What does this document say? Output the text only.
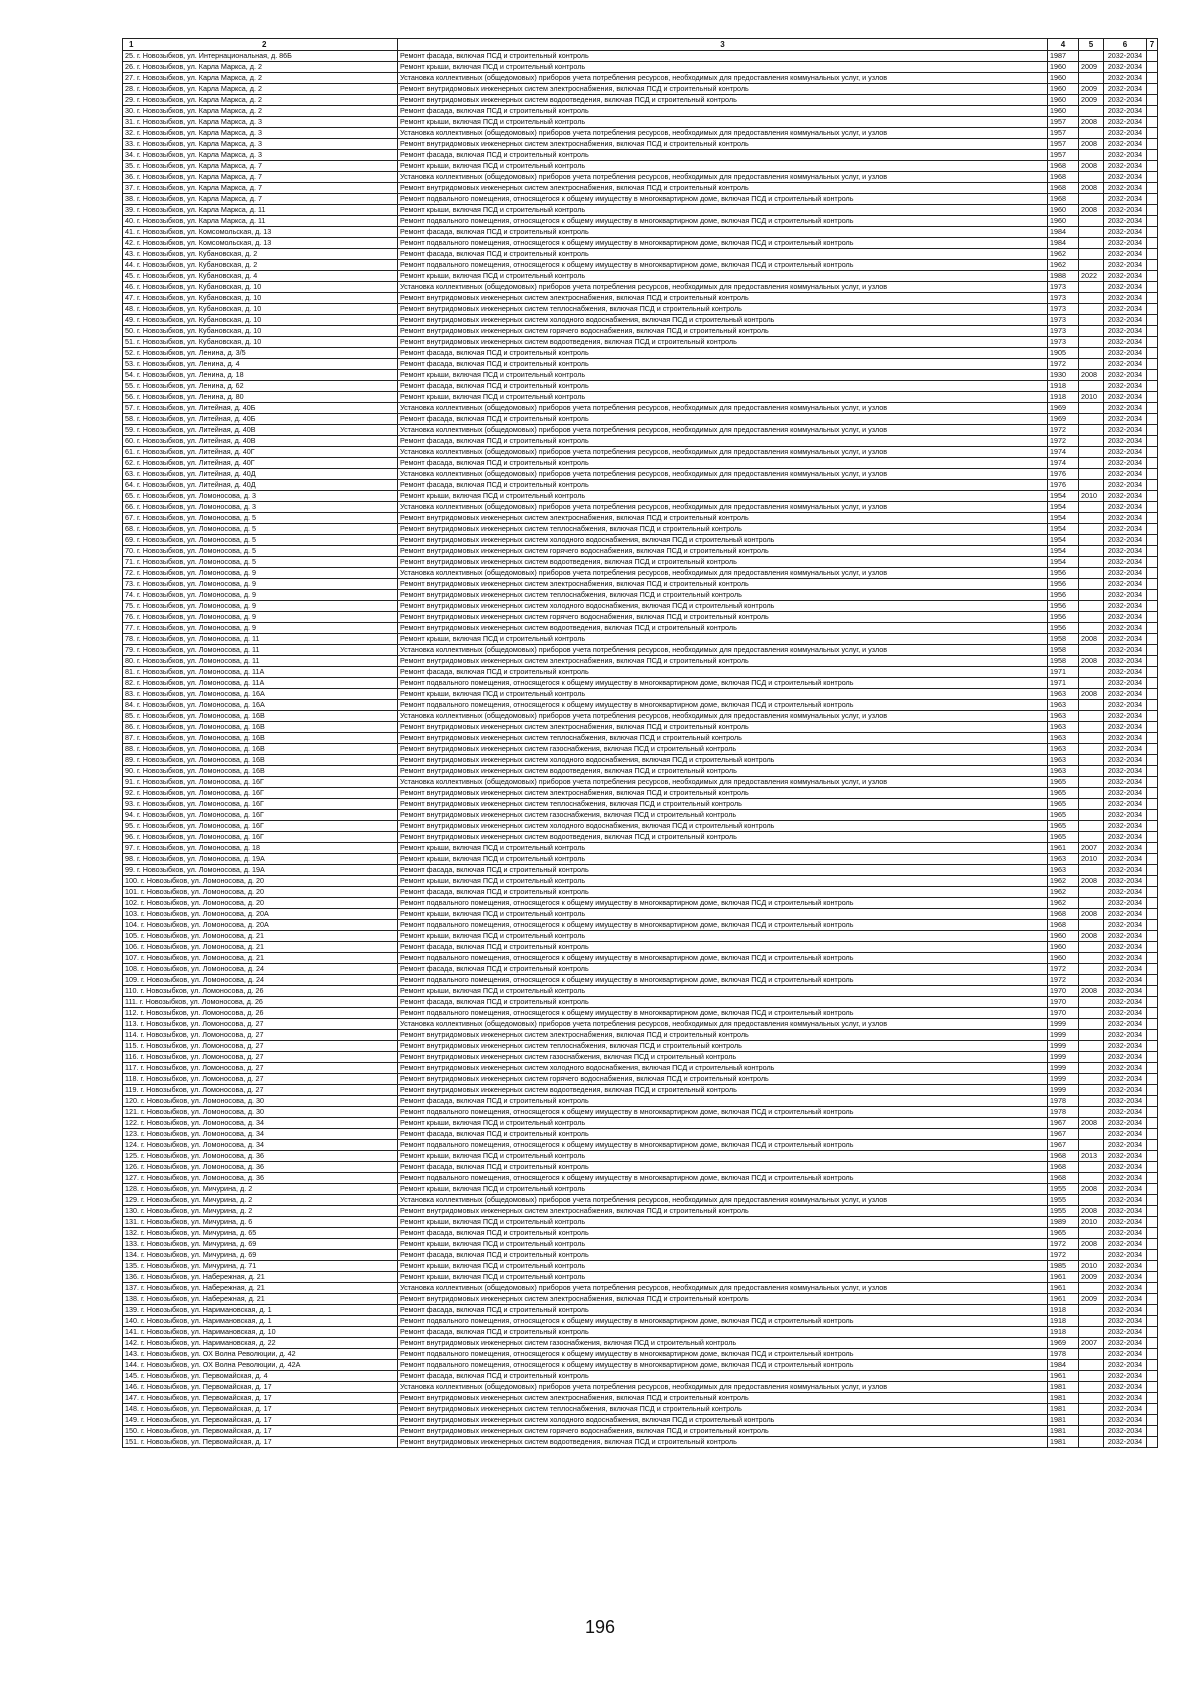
1 2	3	4	5	6	7
25. г. Новозыбков, ул. Интернациональная, д. 86Б	Ремонт фасада, включая ПСД и строительный контроль	1987		2032-2034	
26. г. Новозыбков, ул. Карла Маркса, д. 2	Ремонт крыши, включая ПСД и строительный контроль	1960	2009	2032-2034	
27. г. Новозыбков, ул. Карла Маркса, д. 2	Установка коллективных (общедомовых) приборов учета потребления ресурсов, необходимых для предоставления коммунальных услуг, и узлов	1960		2032-2034	
28. г. Новозыбков, ул. Карла Маркса, д. 2	Ремонт внутридомовых инженерных систем электроснабжения, включая ПСД и строительный контроль	1960	2009	2032-2034	
29. г. Новозыбков, ул. Карла Маркса, д. 2	Ремонт внутридомовых инженерных систем водоотведения, включая ПСД и строительный контроль	1960	2009	2032-2034	
30. г. Новозыбков, ул. Карла Маркса, д. 2	Ремонт фасада, включая ПСД и строительный контроль	1960		2032-2034	
31. г. Новозыбков, ул. Карла Маркса, д. 3	Ремонт крыши, включая ПСД и строительный контроль	1957	2008	2032-2034	
32. г. Новозыбков, ул. Карла Маркса, д. 3	Установка коллективных (общедомовых) приборов учета потребления ресурсов, необходимых для предоставления коммунальных услуг, и узлов	1957		2032-2034	
33. г. Новозыбков, ул. Карла Маркса, д. 3	Ремонт внутридомовых инженерных систем электроснабжения, включая ПСД и строительный контроль	1957	2008	2032-2034	
34. г. Новозыбков, ул. Карла Маркса, д. 3	Ремонт фасада, включая ПСД и строительный контроль	1957		2032-2034	
35. г. Новозыбков, ул. Карла Маркса, д. 7	Ремонт крыши, включая ПСД и строительный контроль	1968	2008	2032-2034	
36. г. Новозыбков, ул. Карла Маркса, д. 7	Установка коллективных (общедомовых) приборов учета потребления ресурсов, необходимых для предоставления коммунальных услуг, и узлов	1968		2032-2034	
37. г. Новозыбков, ул. Карла Маркса, д. 7	Ремонт внутридомовых инженерных систем электроснабжения, включая ПСД и строительный контроль	1968	2008	2032-2034	
38. г. Новозыбков, ул. Карла Маркса, д. 7	Ремонт подвального помещения, относящегося к общему имуществу в многоквартирном доме, включая ПСД и строительный контроль	1968		2032-2034	
39. г. Новозыбков, ул. Карла Маркса, д. 11	Ремонт крыши, включая ПСД и строительный контроль	1960	2008	2032-2034	
40. г. Новозыбков, ул. Карла Маркса, д. 11	Ремонт подвального помещения, относящегося к общему имуществу в многоквартирном доме, включая ПСД и строительный контроль	1960		2032-2034	
41. г. Новозыбков, ул. Комсомольская, д. 13	Ремонт фасада, включая ПСД и строительный контроль	1984		2032-2034	
42. г. Новозыбков, ул. Комсомольская, д. 13	Ремонт подвального помещения, относящегося к общему имуществу в многоквартирном доме, включая ПСД и строительный контроль	1984		2032-2034	
43. г. Новозыбков, ул. Кубановская, д. 2	Ремонт фасада, включая ПСД и строительный контроль	1962		2032-2034	
44. г. Новозыбков, ул. Кубановская, д. 2	Ремонт подвального помещения, относящегося к общему имуществу в многоквартирном доме, включая ПСД и строительный контроль	1962		2032-2034	
45. г. Новозыбков, ул. Кубановская, д. 4	Ремонт крыши, включая ПСД и строительный контроль	1988	2022	2032-2034	
46. г. Новозыбков, ул. Кубановская, д. 10	Установка коллективных (общедомовых) приборов учета потребления ресурсов, необходимых для предоставления коммунальных услуг, и узлов	1973		2032-2034	
47. г. Новозыбков, ул. Кубановская, д. 10	Ремонт внутридомовых инженерных систем электроснабжения, включая ПСД и строительный контроль	1973		2032-2034	
48. г. Новозыбков, ул. Кубановская, д. 10	Ремонт внутридомовых инженерных систем теплоснабжения, включая ПСД и строительный контроль	1973		2032-2034	
49. г. Новозыбков, ул. Кубановская, д. 10	Ремонт внутридомовых инженерных систем холодного водоснабжения, включая ПСД и строительный контроль	1973		2032-2034	
50. г. Новозыбков, ул. Кубановская, д. 10	Ремонт внутридомовых инженерных систем горячего водоснабжения, включая ПСД и строительный контроль	1973		2032-2034	
51. г. Новозыбков, ул. Кубановская, д. 10	Ремонт внутридомовых инженерных систем водоотведения, включая ПСД и строительный контроль	1973		2032-2034	
52. г. Новозыбков, ул. Ленина, д. 3/5	Ремонт фасада, включая ПСД и строительный контроль	1905		2032-2034	
53. г. Новозыбков, ул. Ленина, д. 4	Ремонт фасада, включая ПСД и строительный контроль	1972		2032-2034	
54. г. Новозыбков, ул. Ленина, д. 18	Ремонт крыши, включая ПСД и строительный контроль	1930	2008	2032-2034	
55. г. Новозыбков, ул. Ленина, д. 62	Ремонт фасада, включая ПСД и строительный контроль	1918		2032-2034	
56. г. Новозыбков, ул. Ленина, д. 80	Ремонт крыши, включая ПСД и строительный контроль	1918	2010	2032-2034	
57. г. Новозыбков, ул. Литейная, д. 40Б	Установка коллективных (общедомовых) приборов учета потребления ресурсов, необходимых для предоставления коммунальных услуг, и узлов	1969		2032-2034	
58. г. Новозыбков, ул. Литейная, д. 40Б	Ремонт фасада, включая ПСД и строительный контроль	1969		2032-2034	
59. г. Новозыбков, ул. Литейная, д. 40В	Установка коллективных (общедомовых) приборов учета потребления ресурсов, необходимых для предоставления коммунальных услуг, и узлов	1972		2032-2034	
60. г. Новозыбков, ул. Литейная, д. 40В	Ремонт фасада, включая ПСД и строительный контроль	1972		2032-2034	
61. г. Новозыбков, ул. Литейная, д. 40Г	Установка коллективных (общедомовых) приборов учета потребления ресурсов, необходимых для предоставления коммунальных услуг, и узлов	1974		2032-2034	
62. г. Новозыбков, ул. Литейная, д. 40Г	Ремонт фасада, включая ПСД и строительный контроль	1974		2032-2034	
63. г. Новозыбков, ул. Литейная, д. 40Д	Установка коллективных (общедомовых) приборов учета потребления ресурсов, необходимых для предоставления коммунальных услуг, и узлов	1976		2032-2034	
64. г. Новозыбков, ул. Литейная, д. 40Д	Ремонт фасада, включая ПСД и строительный контроль	1976		2032-2034	
65. г. Новозыбков, ул. Ломоносова, д. 3	Ремонт крыши, включая ПСД и строительный контроль	1954	2010	2032-2034	
66. г. Новозыбков, ул. Ломоносова, д. 3	Установка коллективных (общедомовых) приборов учета потребления ресурсов, необходимых для предоставления коммунальных услуг, и узлов	1954		2032-2034	
67. г. Новозыбков, ул. Ломоносова, д. 5	Ремонт внутридомовых инженерных систем электроснабжения, включая ПСД и строительный контроль	1954		2032-2034	
68. г. Новозыбков, ул. Ломоносова, д. 5	Ремонт внутридомовых инженерных систем теплоснабжения, включая ПСД и строительный контроль	1954		2032-2034	
69. г. Новозыбков, ул. Ломоносова, д. 5	Ремонт внутридомовых инженерных систем холодного водоснабжения, включая ПСД и строительный контроль	1954		2032-2034	
70. г. Новозыбков, ул. Ломоносова, д. 5	Ремонт внутридомовых инженерных систем горячего водоснабжения, включая ПСД и строительный контроль	1954		2032-2034	
71. г. Новозыбков, ул. Ломоносова, д. 5	Ремонт внутридомовых инженерных систем водоотведения, включая ПСД и строительный контроль	1954		2032-2034	
72. г. Новозыбков, ул. Ломоносова, д. 9	Установка коллективных (общедомовых) приборов учета потребления ресурсов, необходимых для предоставления коммунальных услуг, и узлов	1956		2032-2034	
73. г. Новозыбков, ул. Ломоносова, д. 9	Ремонт внутридомовых инженерных систем электроснабжения, включая ПСД и строительный контроль	1956		2032-2034	
74. г. Новозыбков, ул. Ломоносова, д. 9	Ремонт внутридомовых инженерных систем теплоснабжения, включая ПСД и строительный контроль	1956		2032-2034	
75. г. Новозыбков, ул. Ломоносова, д. 9	Ремонт внутридомовых инженерных систем холодного водоснабжения, включая ПСД и строительный контроль	1956		2032-2034	
76. г. Новозыбков, ул. Ломоносова, д. 9	Ремонт внутридомовых инженерных систем горячего водоснабжения, включая ПСД и строительный контроль	1956		2032-2034	
77. г. Новозыбков, ул. Ломоносова, д. 9	Ремонт внутридомовых инженерных систем водоотведения, включая ПСД и строительный контроль	1956		2032-2034	
78. г. Новозыбков, ул. Ломоносова, д. 11	Ремонт крыши, включая ПСД и строительный контроль	1958	2008	2032-2034	
79. г. Новозыбков, ул. Ломоносова, д. 11	Установка коллективных (общедомовых) приборов учета потребления ресурсов, необходимых для предоставления коммунальных услуг, и узлов	1958		2032-2034	
80. г. Новозыбков, ул. Ломоносова, д. 11	Ремонт внутридомовых инженерных систем электроснабжения, включая ПСД и строительный контроль	1958	2008	2032-2034	
81. г. Новозыбков, ул. Ломоносова, д. 11А	Ремонт фасада, включая ПСД и строительный контроль	1971		2032-2034	
82. г. Новозыбков, ул. Ломоносова, д. 11А	Ремонт подвального помещения, относящегося к общему имуществу в многоквартирном доме, включая ПСД и строительный контроль	1971		2032-2034	
83. г. Новозыбков, ул. Ломоносова, д. 16А	Ремонт крыши, включая ПСД и строительный контроль	1963	2008	2032-2034	
84. г. Новозыбков, ул. Ломоносова, д. 16А	Ремонт подвального помещения, относящегося к общему имуществу в многоквартирном доме, включая ПСД и строительный контроль	1963		2032-2034	
85. г. Новозыбков, ул. Ломоносова, д. 16В	Установка коллективных (общедомовых) приборов учета потребления ресурсов, необходимых для предоставления коммунальных услуг, и узлов	1963		2032-2034	
86. г. Новозыбков, ул. Ломоносова, д. 16В	Ремонт внутридомовых инженерных систем электроснабжения, включая ПСД и строительный контроль	1963		2032-2034	
87. г. Новозыбков, ул. Ломоносова, д. 16В	Ремонт внутридомовых инженерных систем теплоснабжения, включая ПСД и строительный контроль	1963		2032-2034	
88. г. Новозыбков, ул. Ломоносова, д. 16В	Ремонт внутридомовых инженерных систем газоснабжения, включая ПСД и строительный контроль	1963		2032-2034	
89. г. Новозыбков, ул. Ломоносова, д. 16В	Ремонт внутридомовых инженерных систем холодного водоснабжения, включая ПСД и строительный контроль	1963		2032-2034	
90. г. Новозыбков, ул. Ломоносова, д. 16В	Ремонт внутридомовых инженерных систем водоотведения, включая ПСД и строительный контроль	1963		2032-2034	
91. г. Новозыбков, ул. Ломоносова, д. 16Г	Установка коллективных (общедомовых) приборов учета потребления ресурсов, необходимых для предоставления коммунальных услуг, и узлов	1965		2032-2034	
92. г. Новозыбков, ул. Ломоносова, д. 16Г	Ремонт внутридомовых инженерных систем электроснабжения, включая ПСД и строительный контроль	1965		2032-2034	
93. г. Новозыбков, ул. Ломоносова, д. 16Г	Ремонт внутридомовых инженерных систем теплоснабжения, включая ПСД и строительный контроль	1965		2032-2034	
94. г. Новозыбков, ул. Ломоносова, д. 16Г	Ремонт внутридомовых инженерных систем газоснабжения, включая ПСД и строительный контроль	1965		2032-2034	
95. г. Новозыбков, ул. Ломоносова, д. 16Г	Ремонт внутридомовых инженерных систем холодного водоснабжения, включая ПСД и строительный контроль	1965		2032-2034	
96. г. Новозыбков, ул. Ломоносова, д. 16Г	Ремонт внутридомовых инженерных систем водоотведения, включая ПСД и строительный контроль	1965		2032-2034	
97. г. Новозыбков, ул. Ломоносова, д. 18	Ремонт крыши, включая ПСД и строительный контроль	1961	2007	2032-2034	
98. г. Новозыбков, ул. Ломоносова, д. 19А	Ремонт крыши, включая ПСД и строительный контроль	1963	2010	2032-2034	
99. г. Новозыбков, ул. Ломоносова, д. 19А	Ремонт фасада, включая ПСД и строительный контроль	1963		2032-2034	
100. г. Новозыбков, ул. Ломоносова, д. 20	Ремонт крыши, включая ПСД и строительный контроль	1962	2008	2032-2034	
101. г. Новозыбков, ул. Ломоносова, д. 20	Ремонт фасада, включая ПСД и строительный контроль	1962		2032-2034	
102. г. Новозыбков, ул. Ломоносова, д. 20	Ремонт подвального помещения, относящегося к общему имуществу в многоквартирном доме, включая ПСД и строительный контроль	1962		2032-2034	
103. г. Новозыбков, ул. Ломоносова, д. 20А	Ремонт крыши, включая ПСД и строительный контроль	1968	2008	2032-2034	
104. г. Новозыбков, ул. Ломоносова, д. 20А	Ремонт подвального помещения, относящегося к общему имуществу в многоквартирном доме, включая ПСД и строительный контроль	1968		2032-2034	
105. г. Новозыбков, ул. Ломоносова, д. 21	Ремонт крыши, включая ПСД и строительный контроль	1960	2008	2032-2034	
106. г. Новозыбков, ул. Ломоносова, д. 21	Ремонт фасада, включая ПСД и строительный контроль	1960		2032-2034	
107. г. Новозыбков, ул. Ломоносова, д. 21	Ремонт подвального помещения, относящегося к общему имуществу в многоквартирном доме, включая ПСД и строительный контроль	1960		2032-2034	
108. г. Новозыбков, ул. Ломоносова, д. 24	Ремонт фасада, включая ПСД и строительный контроль	1972		2032-2034	
109. г. Новозыбков, ул. Ломоносова, д. 24	Ремонт подвального помещения, относящегося к общему имуществу в многоквартирном доме, включая ПСД и строительный контроль	1972		2032-2034	
110. г. Новозыбков, ул. Ломоносова, д. 26	Ремонт крыши, включая ПСД и строительный контроль	1970	2008	2032-2034	
111. г. Новозыбков, ул. Ломоносова, д. 26	Ремонт фасада, включая ПСД и строительный контроль	1970		2032-2034	
112. г. Новозыбков, ул. Ломоносова, д. 26	Ремонт подвального помещения, относящегося к общему имуществу в многоквартирном доме, включая ПСД и строительный контроль	1970		2032-2034	
113. г. Новозыбков, ул. Ломоносова, д. 27	Установка коллективных (общедомовых) приборов учета потребления ресурсов, необходимых для предоставления коммунальных услуг, и узлов	1999		2032-2034	
114. г. Новозыбков, ул. Ломоносова, д. 27	Ремонт внутридомовых инженерных систем электроснабжения, включая ПСД и строительный контроль	1999		2032-2034	
115. г. Новозыбков, ул. Ломоносова, д. 27	Ремонт внутридомовых инженерных систем теплоснабжения, включая ПСД и строительный контроль	1999		2032-2034	
116. г. Новозыбков, ул. Ломоносова, д. 27	Ремонт внутридомовых инженерных систем газоснабжения, включая ПСД и строительный контроль	1999		2032-2034	
117. г. Новозыбков, ул. Ломоносова, д. 27	Ремонт внутридомовых инженерных систем холодного водоснабжения, включая ПСД и строительный контроль	1999		2032-2034	
118. г. Новозыбков, ул. Ломоносова, д. 27	Ремонт внутридомовых инженерных систем горячего водоснабжения, включая ПСД и строительный контроль	1999		2032-2034	
119. г. Новозыбков, ул. Ломоносова, д. 27	Ремонт внутридомовых инженерных систем водоотведения, включая ПСД и строительный контроль	1999		2032-2034	
120. г. Новозыбков, ул. Ломоносова, д. 30	Ремонт фасада, включая ПСД и строительный контроль	1978		2032-2034	
121. г. Новозыбков, ул. Ломоносова, д. 30	Ремонт подвального помещения, относящегося к общему имуществу в многоквартирном доме, включая ПСД и строительный контроль	1978		2032-2034	
122. г. Новозыбков, ул. Ломоносова, д. 34	Ремонт крыши, включая ПСД и строительный контроль	1967	2008	2032-2034	
123. г. Новозыбков, ул. Ломоносова, д. 34	Ремонт фасада, включая ПСД и строительный контроль	1967		2032-2034	
124. г. Новозыбков, ул. Ломоносова, д. 34	Ремонт подвального помещения, относящегося к общему имуществу в многоквартирном доме, включая ПСД и строительный контроль	1967		2032-2034	
125. г. Новозыбков, ул. Ломоносова, д. 36	Ремонт крыши, включая ПСД и строительный контроль	1968	2013	2032-2034	
126. г. Новозыбков, ул. Ломоносова, д. 36	Ремонт фасада, включая ПСД и строительный контроль	1968		2032-2034	
127. г. Новозыбков, ул. Ломоносова, д. 36	Ремонт подвального помещения, относящегося к общему имуществу в многоквартирном доме, включая ПСД и строительный контроль	1968		2032-2034	
128. г. Новозыбков, ул. Мичурина, д. 2	Ремонт крыши, включая ПСД и строительный контроль	1955	2008	2032-2034	
129. г. Новозыбков, ул. Мичурина, д. 2	Установка коллективных (общедомовых) приборов учета потребления ресурсов, необходимых для предоставления коммунальных услуг, и узлов	1955		2032-2034	
130. г. Новозыбков, ул. Мичурина, д. 2	Ремонт внутридомовых инженерных систем электроснабжения, включая ПСД и строительный контроль	1955	2008	2032-2034	
131. г. Новозыбков, ул. Мичурина, д. 6	Ремонт крыши, включая ПСД и строительный контроль	1989	2010	2032-2034	
132. г. Новозыбков, ул. Мичурина, д. 65	Ремонт фасада, включая ПСД и строительный контроль	1965		2032-2034	
133. г. Новозыбков, ул. Мичурина, д. 69	Ремонт крыши, включая ПСД и строительный контроль	1972	2008	2032-2034	
134. г. Новозыбков, ул. Мичурина, д. 69	Ремонт фасада, включая ПСД и строительный контроль	1972		2032-2034	
135. г. Новозыбков, ул. Мичурина, д. 71	Ремонт крыши, включая ПСД и строительный контроль	1985	2010	2032-2034	
136. г. Новозыбков, ул. Набережная, д. 21	Ремонт крыши, включая ПСД и строительный контроль	1961	2009	2032-2034	
137. г. Новозыбков, ул. Набережная, д. 21	Установка коллективных (общедомовых) приборов учета потребления ресурсов, необходимых для предоставления коммунальных услуг, и узлов	1961		2032-2034	
138. г. Новозыбков, ул. Набережная, д. 21	Ремонт внутридомовых инженерных систем электроснабжения, включая ПСД и строительный контроль	1961	2009	2032-2034	
139. г. Новозыбков, ул. Наримановская, д. 1	Ремонт фасада, включая ПСД и строительный контроль	1918		2032-2034	
140. г. Новозыбков, ул. Наримановская, д. 1	Ремонт подвального помещения, относящегося к общему имуществу в многоквартирном доме, включая ПСД и строительный контроль	1918		2032-2034	
141. г. Новозыбков, ул. Наримановская, д. 10	Ремонт фасада, включая ПСД и строительный контроль	1918		2032-2034	
142. г. Новозыбков, ул. Наримановская, д. 22	Ремонт внутридомовых инженерных систем газоснабжения, включая ПСД и строительный контроль	1969	2007	2032-2034	
143. г. Новозыбков, ул. ОХ Волна Революции, д. 42	Ремонт подвального помещения, относящегося к общему имуществу в многоквартирном доме, включая ПСД и строительный контроль	1978		2032-2034	
144. г. Новозыбков, ул. ОХ Волна Революции, д. 42А	Ремонт подвального помещения, относящегося к общему имуществу в многоквартирном доме, включая ПСД и строительный контроль	1984		2032-2034	
145. г. Новозыбков, ул. Первомайская, д. 4	Ремонт фасада, включая ПСД и строительный контроль	1961		2032-2034	
146. г. Новозыбков, ул. Первомайская, д. 17	Установка коллективных (общедомовых) приборов учета потребления ресурсов, необходимых для предоставления коммунальных услуг, и узлов	1981		2032-2034	
147. г. Новозыбков, ул. Первомайская, д. 17	Ремонт внутридомовых инженерных систем электроснабжения, включая ПСД и строительный контроль	1981		2032-2034	
148. г. Новозыбков, ул. Первомайская, д. 17	Ремонт внутридомовых инженерных систем теплоснабжения, включая ПСД и строительный контроль	1981		2032-2034	
149. г. Новозыбков, ул. Первомайская, д. 17	Ремонт внутридомовых инженерных систем холодного водоснабжения, включая ПСД и строительный контроль	1981		2032-2034	
150. г. Новозыбков, ул. Первомайская, д. 17	Ремонт внутридомовых инженерных систем горячего водоснабжения, включая ПСД и строительный контроль	1981		2032-2034	
151. г. Новозыбков, ул. Первомайская, д. 17	Ремонт внутридомовых инженерных систем водоотведения, включая ПСД и строительный контроль	1981		2032-2034	
196
